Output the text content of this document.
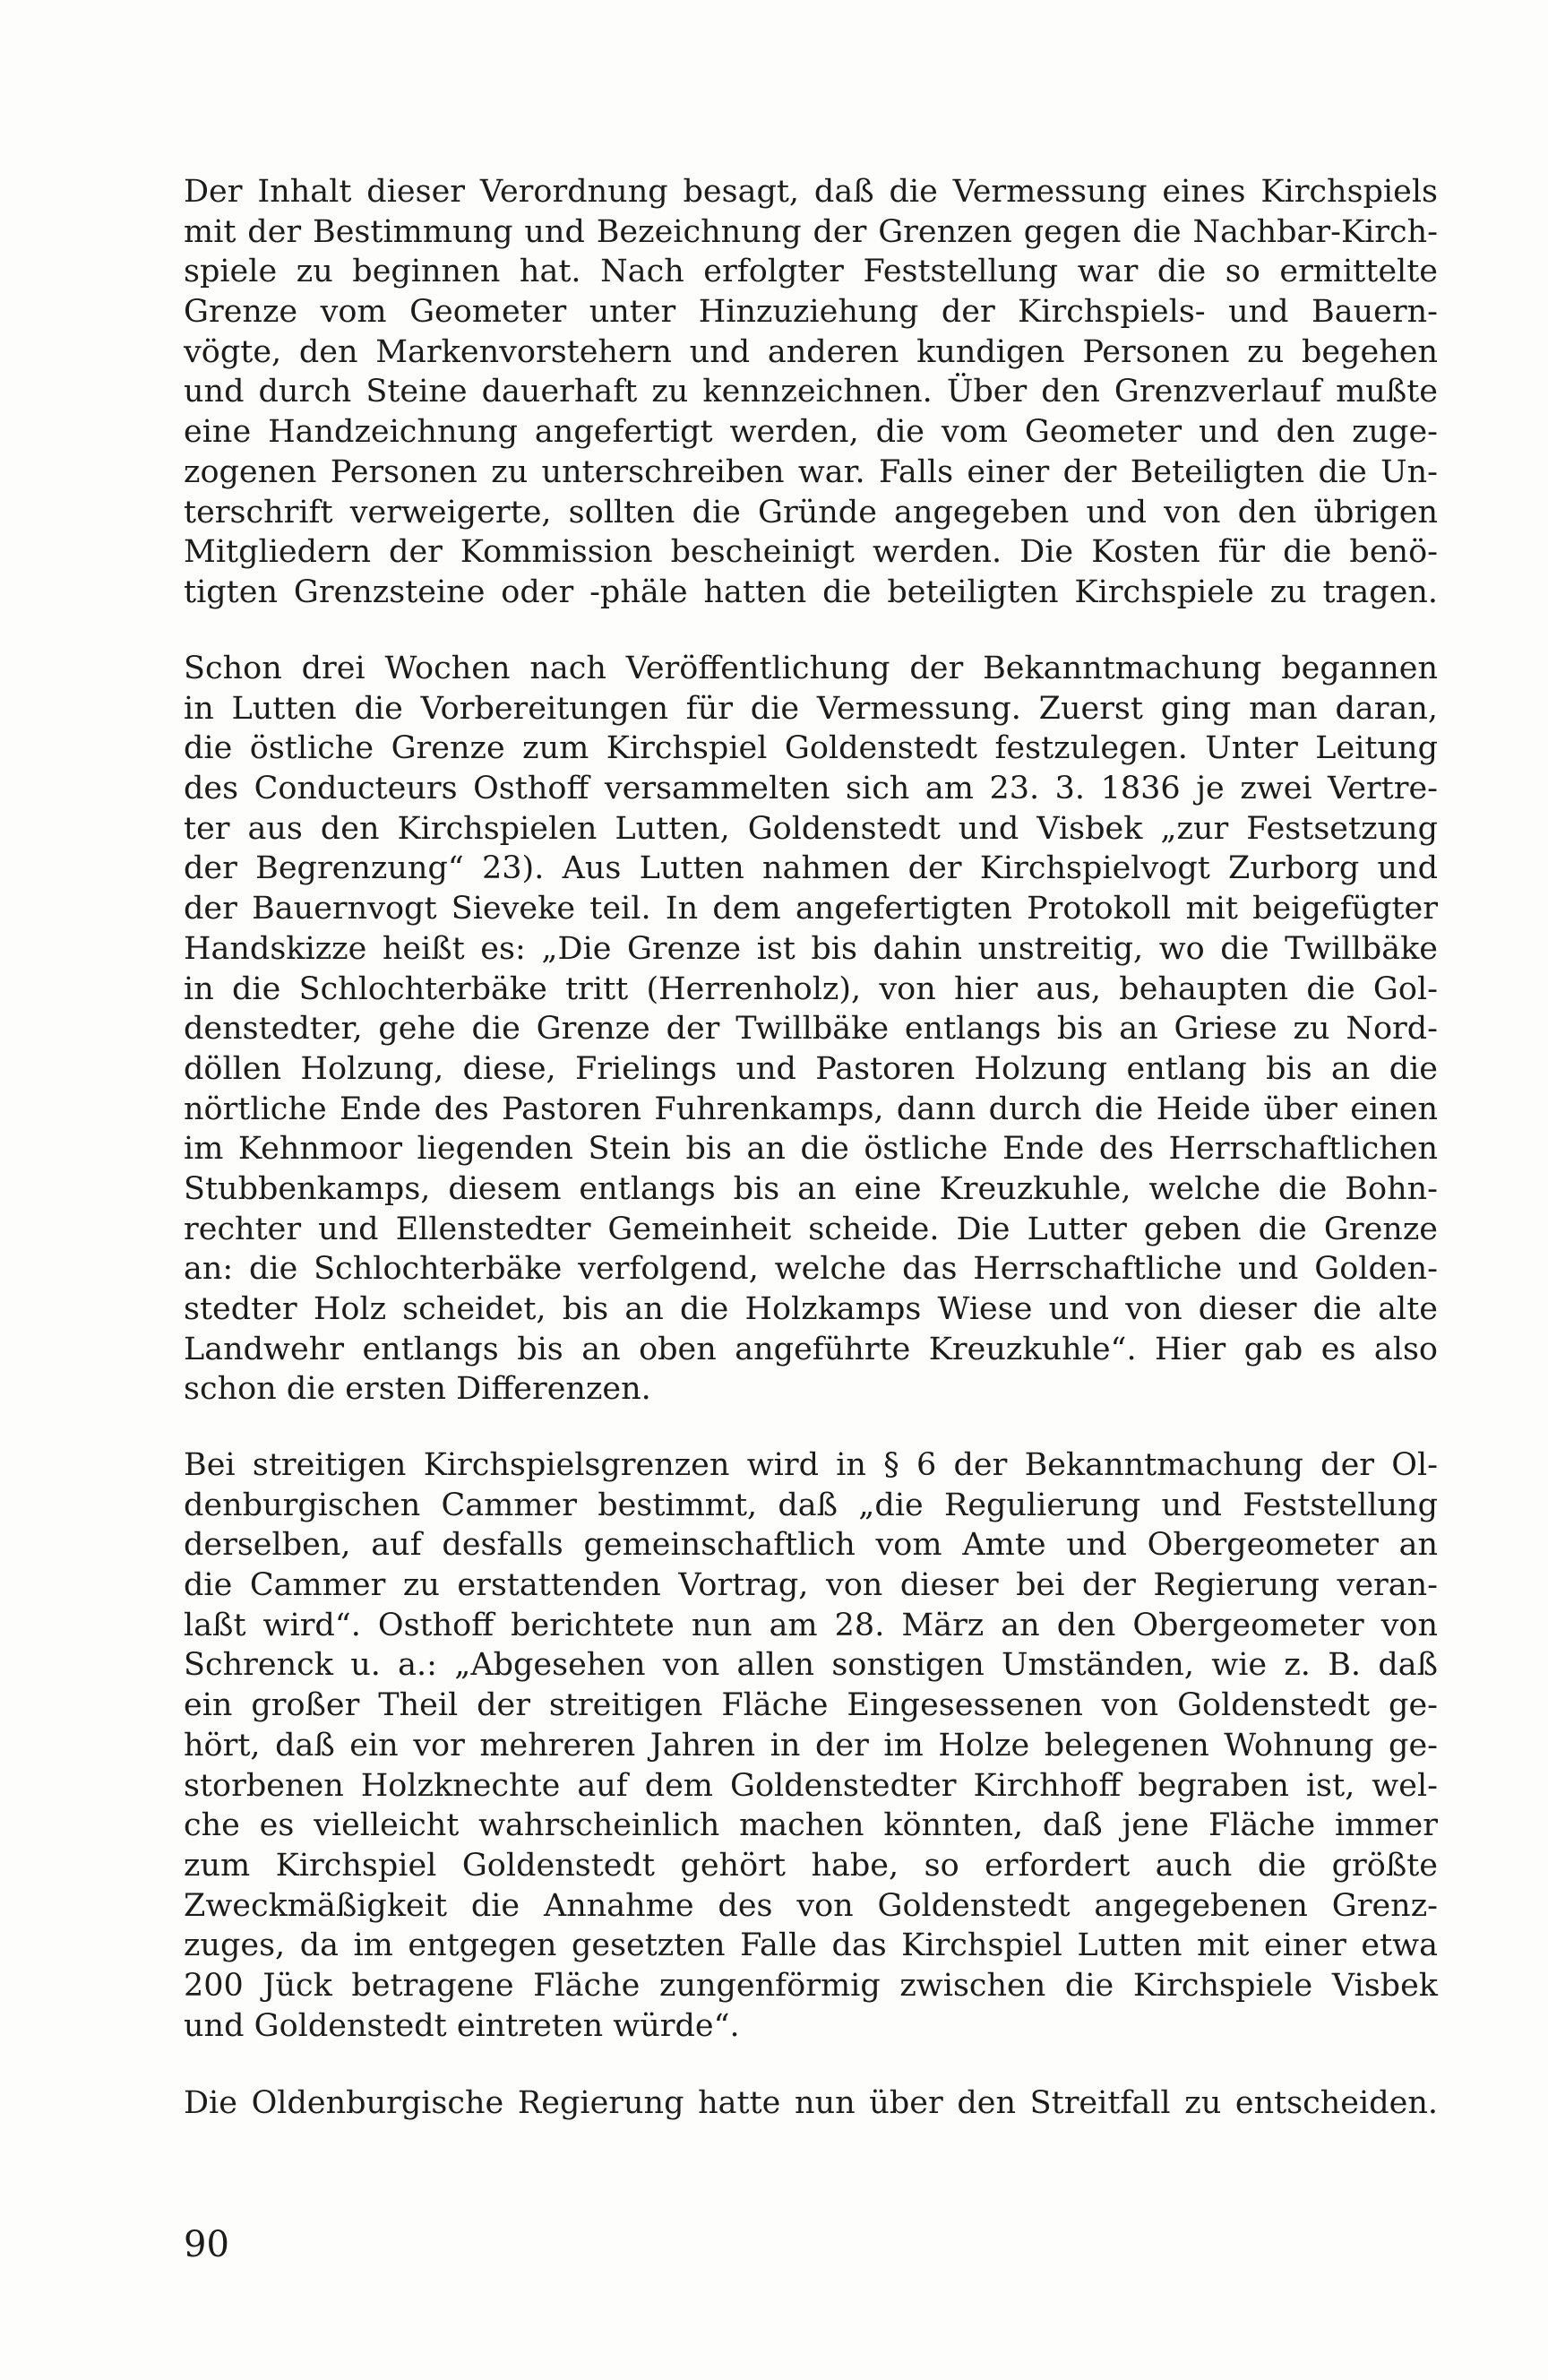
Der Inhalt dieser Verordnung besagt, daß die Vermessung eines Kirchspiels
mit der Bestimmung und Bezeichnung der Grenzen gegen die Nachbar-Kirch-
spiele zu beginnen hat. Nach erfolgter Feststellung war die so ermittelte
Grenze vom Geometer unter Hinzuziehung der Kirchspiels- und Bauern-
vögte, den Markenvorstehern und anderen kundigen Personen zu begehen
und durch Steine dauerhaft zu kennzeichnen. Über den Grenzverlauf mußte
eine Handzeichnung angefertigt werden, die vom Geometer und den zuge-
zogenen Personen zu unterschreiben war. Falls einer der Beteiligten die Un-
terschrift verweigerte, sollten die Gründe angegeben und von den übrigen
Mitgliedern der Kommission bescheinigt werden. Die Kosten für die benö-
tigten Grenzsteine oder -phäle hatten die beteiligten Kirchspiele zu tragen.
Schon drei Wochen nach Veröffentlichung der Bekanntmachung begannen
in Lutten die Vorbereitungen für die Vermessung. Zuerst ging man daran,
die östliche Grenze zum Kirchspiel Goldenstedt festzulegen. Unter Leitung
des Conducteurs Osthoff versammelten sich am 23. 3. 1836 je zwei Vertre-
ter aus den Kirchspielen Lutten, Goldenstedt und Visbek „zur Festsetzung
der Begrenzung“ 23). Aus Lutten nahmen der Kirchspielvogt Zurborg und
der Bauernvogt Sieveke teil. In dem angefertigten Protokoll mit beigefügter
Handskizze heißt es: „Die Grenze ist bis dahin unstreitig, wo die Twillbäke
in die Schlochterbäke tritt (Herrenholz), von hier aus, behaupten die Gol-
denstedter, gehe die Grenze der Twillbäke entlangs bis an Griese zu Nord-
döllen Holzung, diese, Frielings und Pastoren Holzung entlang bis an die
nörtliche Ende des Pastoren Fuhrenkamps, dann durch die Heide über einen
im Kehnmoor liegenden Stein bis an die östliche Ende des Herrschaftlichen
Stubbenkamps, diesem entlangs bis an eine Kreuzkuhle, welche die Bohn-
rechter und Ellenstedter Gemeinheit scheide. Die Lutter geben die Grenze
an: die Schlochterbäke verfolgend, welche das Herrschaftliche und Golden-
stedter Holz scheidet, bis an die Holzkamps Wiese und von dieser die alte
Landwehr entlangs bis an oben angeführte Kreuzkuhle“. Hier gab es also
schon die ersten Differenzen.
Bei streitigen Kirchspielsgrenzen wird in § 6 der Bekanntmachung der Ol-
denburgischen Cammer bestimmt, daß „die Regulierung und Feststellung
derselben, auf desfalls gemeinschaftlich vom Amte und Obergeometer an
die Cammer zu erstattenden Vortrag, von dieser bei der Regierung veran-
laßt wird“. Osthoff berichtete nun am 28. März an den Obergeometer von
Schrenck u. a.: „Abgesehen von allen sonstigen Umständen, wie z. B. daß
ein großer Theil der streitigen Fläche Eingesessenen von Goldenstedt ge-
hört, daß ein vor mehreren Jahren in der im Holze belegenen Wohnung ge-
storbenen Holzknechte auf dem Goldenstedter Kirchhoff begraben ist, wel-
che es vielleicht wahrscheinlich machen könnten, daß jene Fläche immer
zum Kirchspiel Goldenstedt gehört habe, so erfordert auch die größte
Zweckmäßigkeit die Annahme des von Goldenstedt angegebenen Grenz-
zuges, da im entgegen gesetzten Falle das Kirchspiel Lutten mit einer etwa
200 Jück betragene Fläche zungenförmig zwischen die Kirchspiele Visbek
und Goldenstedt eintreten würde“.
Die Oldenburgische Regierung hatte nun über den Streitfall zu entscheiden.
90
